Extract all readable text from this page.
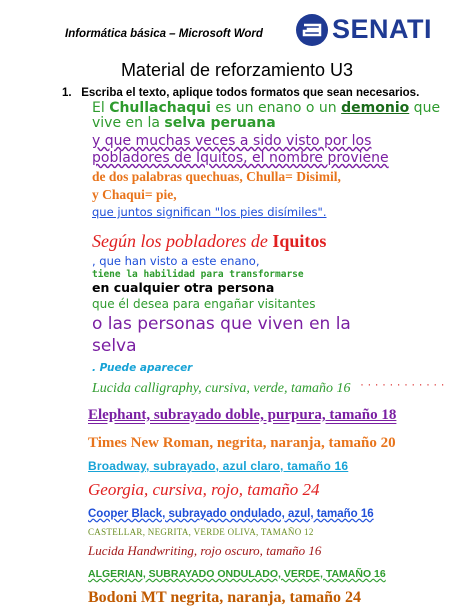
Informática básica – Microsoft Word	SENATI
Material de reforzamiento U3
1. Escriba el texto, aplique todos formatos que sean necesarios.
El Chullachaqui es un enano o un demonio que
vive en la selva peruana
y que muchas veces a sido visto por los
pobladores de Iquitos, el nombre proviene
de dos palabras quechuas, Chulla= Disimil,
y Chaqui= pie,
que juntos significan "los pies disímiles".
Según los pobladores de Iquitos
, que han visto a este enano,
tiene la habilidad para transformarse
en cualquier otra persona
que él desea para engañar visitantes
o las personas que viven en la
selva
. Puede aparecer
· · · · · · · · · · · ·
Lucida calligraphy, cursiva, verde, tamaño 16
Elephant, subrayado doble, purpura, tamaño 18
Times New Roman, negrita, naranja, tamaño 20
Broadway, subrayado, azul claro, tamaño 16
Georgia, cursiva, rojo, tamaño 24
Cooper Black, subrayado ondulado, azul, tamaño 16
CASTELLAR, NEGRITA, VERDE OLIVA, TAMAÑO 12
Lucida Handwriting, rojo oscuro, tamaño 16
ALGERIAN, SUBRAYADO ONDULADO, VERDE, TAMAÑO 16
Bodoni MT negrita, naranja, tamaño 24
